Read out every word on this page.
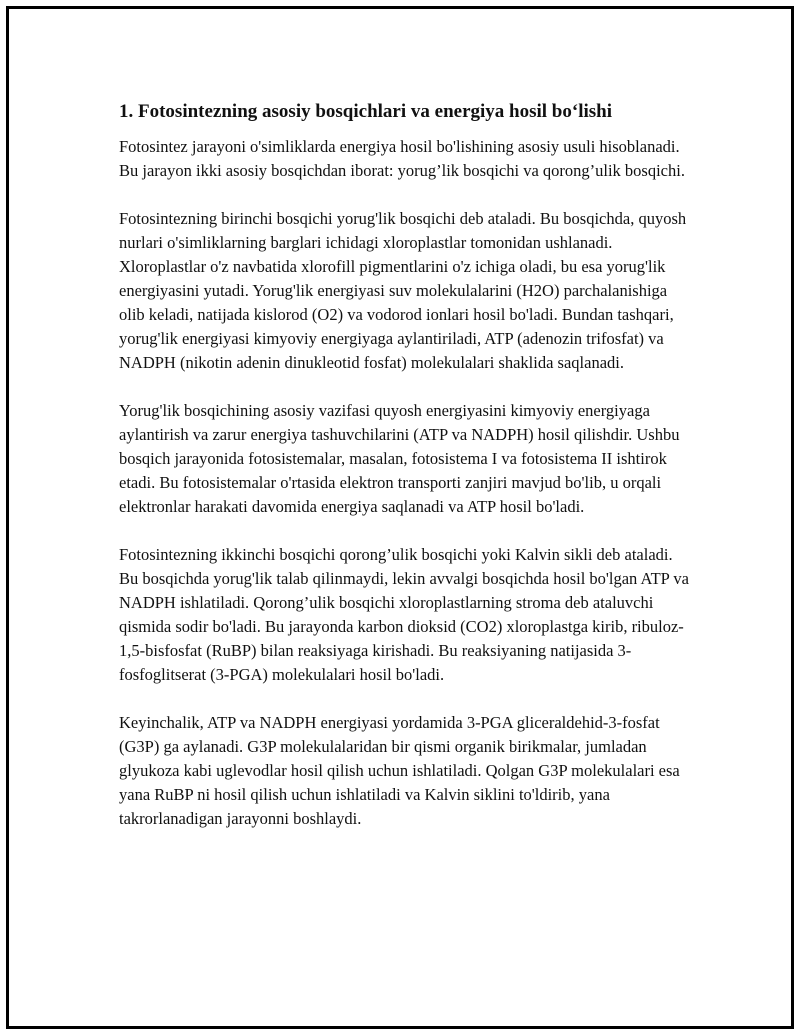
1. Fotosintezning asosiy bosqichlari va energiya hosil bo‘lishi

Fotosintez jarayoni o'simliklarda energiya hosil bo'lishining asosiy usuli hisoblanadi. Bu jarayon ikki asosiy bosqichdan iborat: yorug’lik bosqichi va qorong’ulik bosqichi.

Fotosintezning birinchi bosqichi yorug'lik bosqichi deb ataladi. Bu bosqichda, quyosh nurlari o'simliklarning barglari ichidagi xloroplastlar tomonidan ushlanadi. Xloroplastlar o'z navbatida xlorofill pigmentlarini o'z ichiga oladi, bu esa yorug'lik energiyasini yutadi. Yorug'lik energiyasi suv molekulalarini (H2O) parchalanishiga olib keladi, natijada kislorod (O2) va vodorod ionlari hosil bo'ladi. Bundan tashqari, yorug'lik energiyasi kimyoviy energiyaga aylantiriladi, ATP (adenozin trifosfat) va NADPH (nikotin adenin dinukleotid fosfat) molekulalari shaklida saqlanadi.

Yorug'lik bosqichining asosiy vazifasi quyosh energiyasini kimyoviy energiyaga aylantirish va zarur energiya tashuvchilarini (ATP va NADPH) hosil qilishdir. Ushbu bosqich jarayonida fotosistemalar, masalan, fotosistema I va fotosistema II ishtirok etadi. Bu fotosistemalar o'rtasida elektron transporti zanjiri mavjud bo'lib, u orqali elektronlar harakati davomida energiya saqlanadi va ATP hosil bo'ladi.

Fotosintezning ikkinchi bosqichi qorong’ulik bosqichi yoki Kalvin sikli deb ataladi. Bu bosqichda yorug'lik talab qilinmaydi, lekin avvalgi bosqichda hosil bo'lgan ATP va NADPH ishlatiladi. Qorong’ulik bosqichi xloroplastlarning stroma deb ataluvchi qismida sodir bo'ladi. Bu jarayonda karbon dioksid (CO2) xloroplastga kirib, ribuloz-1,5-bisfosfat (RuBP) bilan reaksiyaga kirishadi. Bu reaksiyaning natijasida 3-fosfoglitserat (3-PGA) molekulalari hosil bo'ladi.

Keyinchalik, ATP va NADPH energiyasi yordamida 3-PGA gliceraldehid-3-fosfat (G3P) ga aylanadi. G3P molekulalaridan bir qismi organik birikmalar, jumladan glyukoza kabi uglevodlar hosil qilish uchun ishlatiladi. Qolgan G3P molekulalari esa yana RuBP ni hosil qilish uchun ishlatiladi va Kalvin siklini to'ldirib, yana takrorlanadigan jarayonni boshlaydi.
